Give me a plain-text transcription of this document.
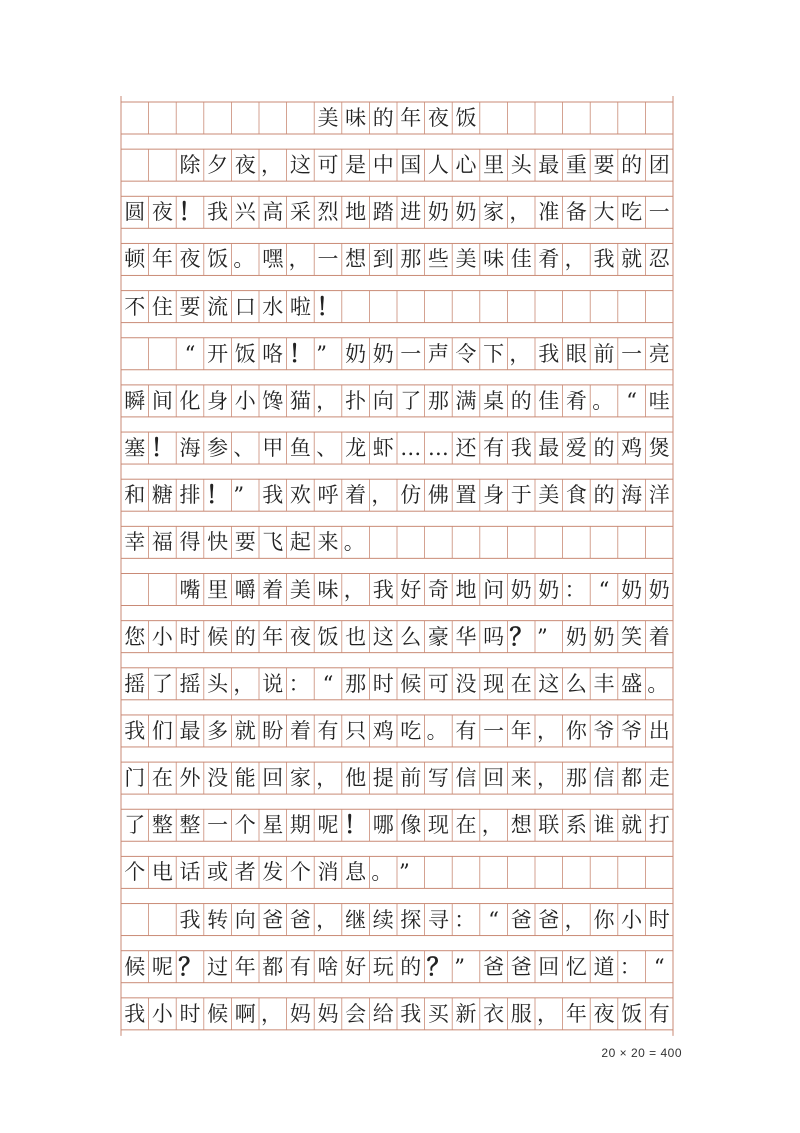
美 味 的 年 夜 饭
除 夕 夜 ， 这 可 是 中 国 人 心 里 头 最 重 要 的 团
圆 夜 ！ 我 兴 高 采 烈 地 踏 进 奶 奶 家 ， 准 备 大 吃 一
顿 年 夜 饭 。 嘿 ， 一 想 到 那 些 美 味 佳 肴 ， 我 就 忍
不 住 要 流 口 水 啦 ！
“ 开 饭 咯 ！ ” 奶 奶 一 声 令 下 ， 我 眼 前 一 亮
瞬 间 化 身 小 馋 猫 ， 扑 向 了 那 满 桌 的 佳 肴 。 “ 哇
塞 ！ 海 参 、 甲 鱼 、 龙 虾 … … 还 有 我 最 爱 的 鸡 煲
和 糖 排 ！ ” 我 欢 呼 着 ， 仿 佛 置 身 于 美 食 的 海 洋
幸 福 得 快 要 飞 起 来 。
嘴 里 嚼 着 美 味 ， 我 好 奇 地 问 奶 奶 ： “ 奶 奶
您 小 时 候 的 年 夜 饭 也 这 么 豪 华 吗 ？ ” 奶 奶 笑 着
摇 了 摇 头 ， 说 ： “ 那 时 候 可 没 现 在 这 么 丰 盛 。
我 们 最 多 就 盼 着 有 只 鸡 吃 。 有 一 年 ， 你 爷 爷 出
门 在 外 没 能 回 家 ， 他 提 前 写 信 回 来 ， 那 信 都 走
了 整 整 一 个 星 期 呢 ！ 哪 像 现 在 ， 想 联 系 谁 就 打
个 电 话 或 者 发 个 消 息 。 ”
我 转 向 爸 爸 ， 继 续 探 寻 ： “ 爸 爸 ， 你 小 时
候 呢 ？ 过 年 都 有 啥 好 玩 的 ？ ” 爸 爸 回 忆 道 ： “
我 小 时 候 啊 ， 妈 妈 会 给 我 买 新 衣 服 ， 年 夜 饭 有
20 × 20 = 400
